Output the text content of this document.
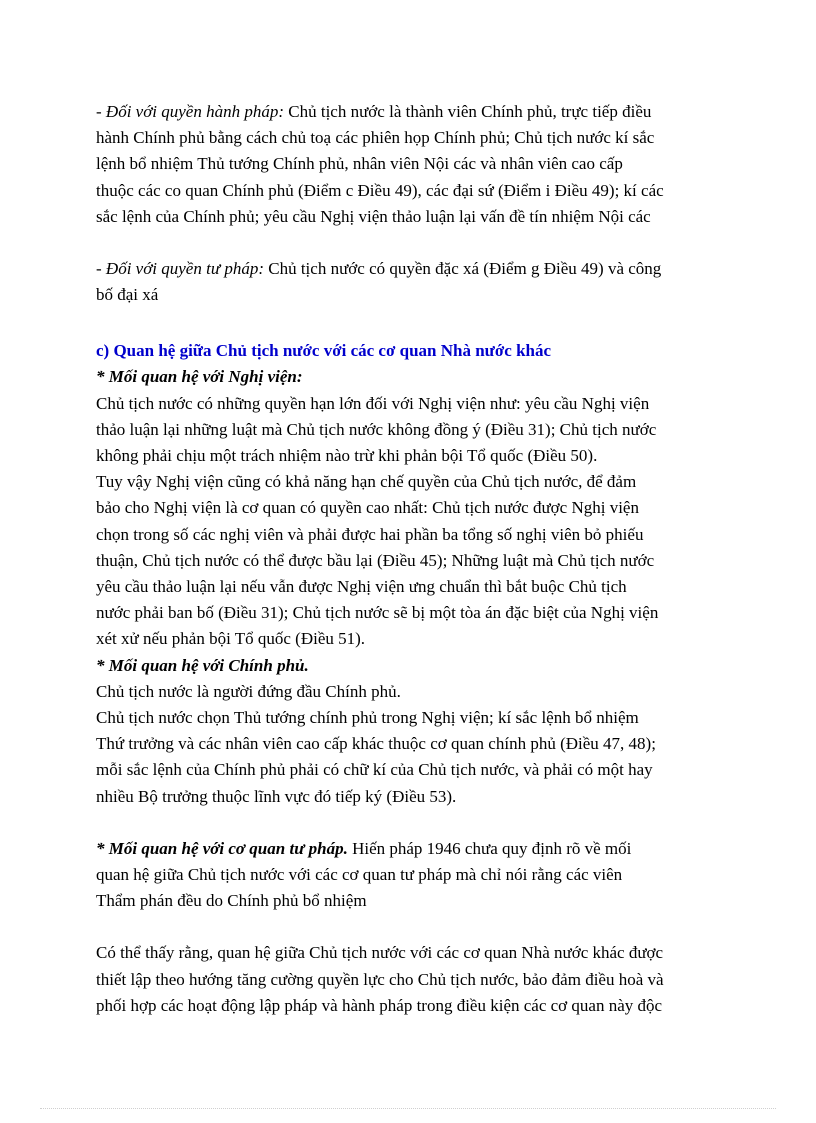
- Đối với quyền hành pháp: Chủ tịch nước là thành viên Chính phủ, trực tiếp điều
hành Chính phủ bằng cách chủ toạ các phiên họp Chính phủ; Chủ tịch nước kí sắc
lệnh bổ nhiệm Thủ tướng Chính phủ, nhân viên Nội các và nhân viên cao cấp
thuộc các co quan Chính phủ (Điểm c Điều 49), các đại sứ (Điểm i Điều 49); kí các
sắc lệnh của Chính phủ; yêu cầu Nghị viện thảo luận lại vấn đề tín nhiệm Nội các

- Đối với quyền tư pháp: Chủ tịch nước có quyền đặc xá (Điểm g Điều 49) và công
bố đại xá

c) Quan hệ giữa Chủ tịch nước với các cơ quan Nhà nước khác

* Mối quan hệ với Nghị viện:
Chủ tịch nước có những quyền hạn lớn đối với Nghị viện như: yêu cầu Nghị viện
thảo luận lại những luật mà Chủ tịch nước không đồng ý (Điều 31); Chủ tịch nước
không phải chịu một trách nhiệm nào trừ khi phản bội Tổ quốc (Điều 50).
Tuy vậy Nghị viện cũng có khả năng hạn chế quyền của Chủ tịch nước, để đảm
bảo cho Nghị viện là cơ quan có quyền cao nhất: Chủ tịch nước được Nghị viện
chọn trong số các nghị viên và phải được hai phần ba tổng số nghị viên bỏ phiếu
thuận, Chủ tịch nước có thể được bầu lại (Điều 45); Những luật mà Chủ tịch nước
yêu cầu thảo luận lại nếu vẫn được Nghị viện ưng chuẩn thì bắt buộc Chủ tịch
nước phải ban bố (Điều 31); Chủ tịch nước sẽ bị một tòa án đặc biệt của Nghị viện
xét xử nếu phản bội Tổ quốc (Điều 51).

* Mối quan hệ với Chính phủ.
Chủ tịch nước là người đứng đầu Chính phủ.
Chủ tịch nước chọn Thủ tướng chính phủ trong Nghị viện; kí sắc lệnh bổ nhiệm
Thứ trưởng và các nhân viên cao cấp khác thuộc cơ quan chính phủ (Điều 47, 48);
mỗi sắc lệnh của Chính phủ phải có chữ kí của Chủ tịch nước, và phải có một hay
nhiều Bộ trưởng thuộc lĩnh vực đó tiếp ký (Điều 53).

* Mối quan hệ với cơ quan tư pháp. Hiến pháp 1946 chưa quy định rõ về mối
quan hệ giữa Chủ tịch nước với các cơ quan tư pháp mà chỉ nói rằng các viên
Thẩm phán đều do Chính phủ bổ nhiệm

Có thể thấy rằng, quan hệ giữa Chủ tịch nước với các cơ quan Nhà nước khác được
thiết lập theo hướng tăng cường quyền lực cho Chủ tịch nước, bảo đảm điều hoà và
phối hợp các hoạt động lập pháp và hành pháp trong điều kiện các cơ quan này độc
